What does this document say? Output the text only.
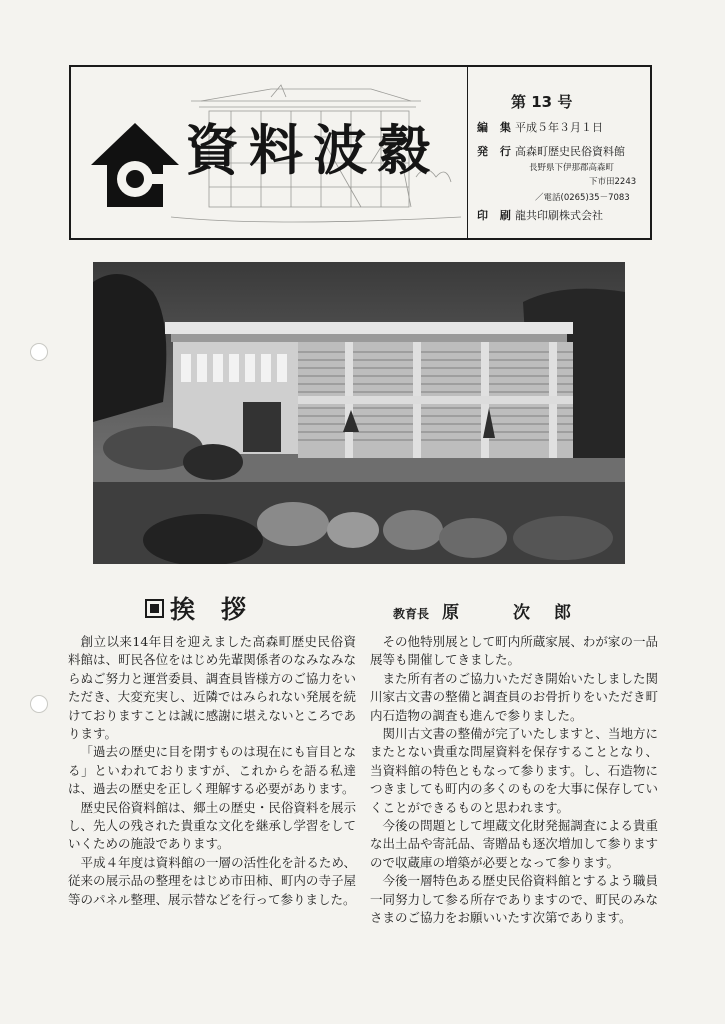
資料波縠
第 13 号
編 集平成５年３月１日
発 行高森町歴史民俗資料館
長野県下伊那郡高森町
下市田2243
／電話(0265)35－7083
印 刷龍共印刷株式会社
挨拶	教育長 原 次郎

創立以来14年目を迎えました高森町歴史民俗資料館は、町民各位をはじめ先輩関係者のなみなみならぬご努力と運営委員、調査員皆様方のご協力をいただき、大変充実し、近隣ではみられない発展を続けておりますことは誠に感謝に堪えないところであります。

「過去の歴史に目を閉すものは現在にも盲目となる」といわれておりますが、これからを語る私達は、過去の歴史を正しく理解する必要があります。

歴史民俗資料館は、郷土の歴史・民俗資料を展示し、先人の残された貴重な文化を継承し学習をしていくための施設であります。

平成４年度は資料館の一層の活性化を計るため、従来の展示品の整理をはじめ市田柿、町内の寺子屋等のパネル整理、展示替などを行って参りました。

その他特別展として町内所蔵家展、わが家の一品展等も開催してきました。

また所有者のご協力いただき開始いたしました関川家古文書の整備と調査員のお骨折りをいただき町内石造物の調査も進んで参りました。

関川古文書の整備が完了いたしますと、当地方にまたとない貴重な問屋資料を保存することとなり、当資料館の特色ともなって参ります。し、石造物につきましても町内の多くのものを大事に保存していくことができるものと思われます。

今後の問題として埋蔵文化財発掘調査による貴重な出土品や寄託品、寄贈品も逐次増加して参りますので収蔵庫の増築が必要となって参ります。

今後一層特色ある歴史民俗資料館とするよう職員一同努力して参る所存でありますので、町民のみなさまのご協力をお願いいたす次第であります。
